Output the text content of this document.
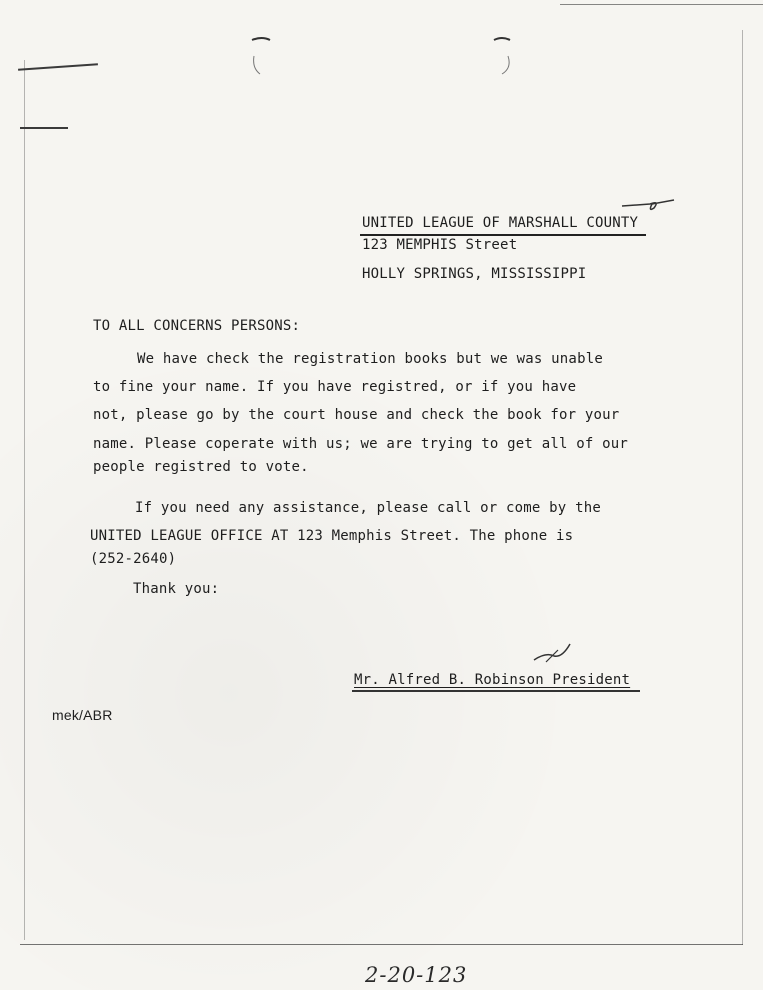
UNITED LEAGUE OF MARSHALL COUNTY
123 MEMPHIS Street
HOLLY SPRINGS, MISSISSIPPI
TO ALL CONCERNS PERSONS:
We have check the registration books but we was unable
to fine your name. If you have registred, or if you have
not, please go by the court house and check the book for your
name. Please coperate with us; we are trying to get all of our
people registred to vote.
If you need any assistance, please call or come by the
UNITED LEAGUE OFFICE AT 123 Memphis Street. The phone is
(252-2640)
Thank you:
Mr. Alfred B. Robinson President
mek/ABR
2-20-123
